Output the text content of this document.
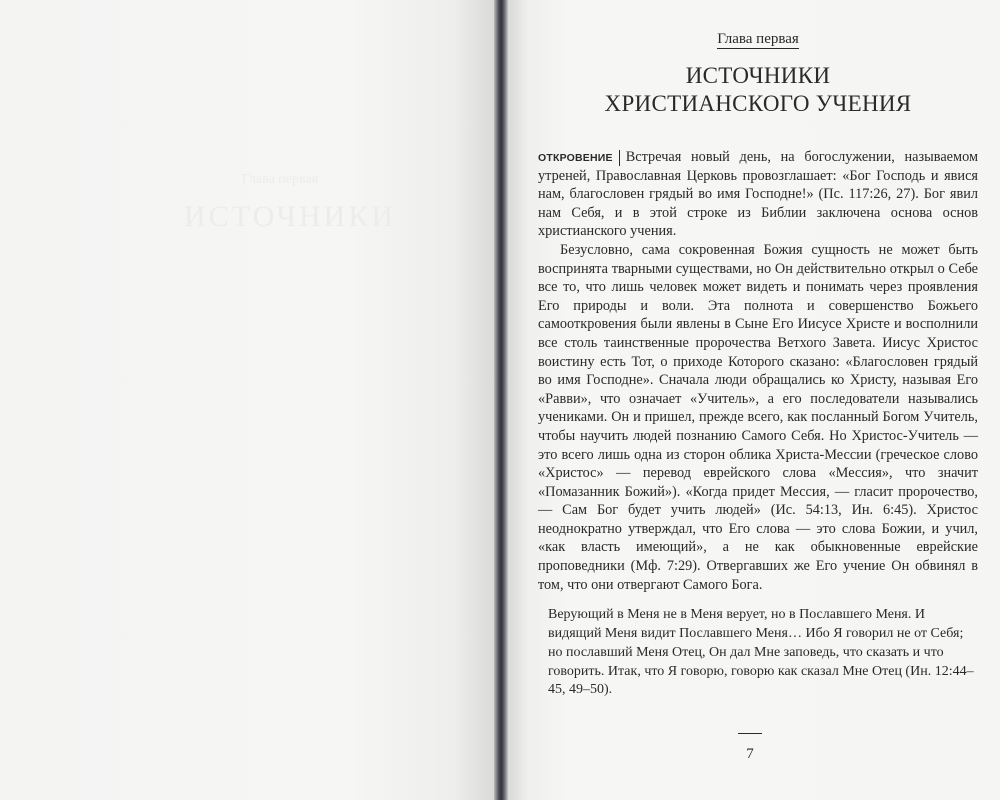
Глава первая
ИСТОЧНИКИ

Глава первая

ИСТОЧНИКИ
ХРИСТИАНСКОГО УЧЕНИЯ

ОТКРОВЕНИЕ Встречая новый день, на богослужении, называемом утреней, Православная Церковь провозглашает: «Бог Господь и явися нам, благословен грядый во имя Господне!» (Пс. 117:26, 27). Бог явил нам Себя, и в этой строке из Библии заключена основа основ христианского учения.

Безусловно, сама сокровенная Божия сущность не может быть воспринята тварными существами, но Он действительно открыл о Себе все то, что лишь человек может видеть и понимать через проявления Его природы и воли. Эта полнота и совершенство Божьего самооткровения были явлены в Сыне Его Иисусе Христе и восполнили все столь таинственные пророчества Ветхого Завета. Иисус Христос воистину есть Тот, о приходе Которого сказано: «Благословен грядый во имя Господне». Сначала люди обращались ко Христу, называя Его «Равви», что означает «Учитель», а его последователи назывались учениками. Он и пришел, прежде всего, как посланный Богом Учитель, чтобы научить людей познанию Самого Себя. Но Христос-Учитель — это всего лишь одна из сторон облика Христа-Мессии (греческое слово «Христос» — перевод еврейского слова «Мессия», что значит «Помазанник Божий»). «Когда придет Мессия, — гласит пророчество, — Сам Бог будет учить людей» (Ис. 54:13, Ин. 6:45). Христос неоднократно утверждал, что Его слова — это слова Божии, и учил, «как власть имеющий», а не как обыкновенные еврейские проповедники (Мф. 7:29). Отвергавших же Его учение Он обвинял в том, что они отвергают Самого Бога.

Верующий в Меня не в Меня верует, но в Пославшего Меня. И видящий Меня видит Пославшего Меня… Ибо Я говорил не от Себя; но пославший Меня Отец, Он дал Мне заповедь, что сказать и что говорить. Итак, что Я говорю, говорю как сказал Мне Отец (Ин. 12:44–45, 49–50).

7
